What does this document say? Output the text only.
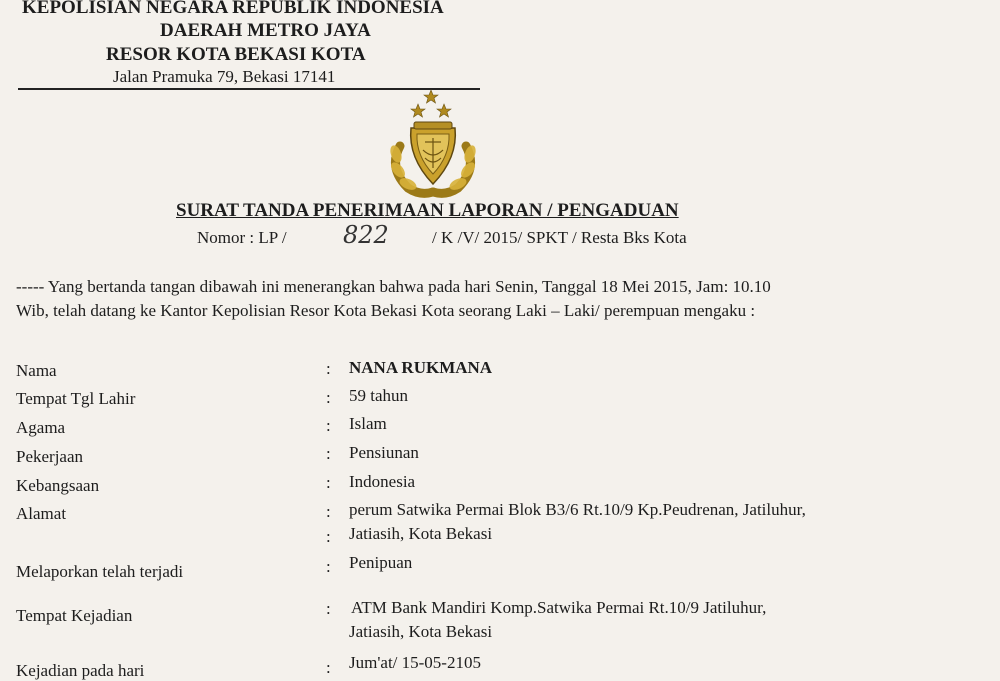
KEPOLISIAN NEGARA REPUBLIK INDONESIA
DAERAH METRO JAYA
RESOR KOTA BEKASI KOTA
Jalan Pramuka 79, Bekasi 17141
SURAT TANDA PENERIMAAN LAPORAN / PENGADUAN
Nomor : LP / 822	/ K /V/ 2015/ SPKT / Resta Bks Kota
----- Yang bertanda tangan dibawah ini menerangkan bahwa pada hari Senin, Tanggal 18 Mei 2015, Jam: 10.10
Wib, telah datang ke Kantor Kepolisian Resor Kota Bekasi Kota seorang Laki – Laki/ perempuan mengaku :
Nama	: NANA RUKMANA
Tempat Tgl Lahir	: 59 tahun
Agama	: Islam
Pekerjaan	: Pensiunan
Kebangsaan	: Indonesia
Alamat	: perum Satwika Permai Blok B3/6 Rt.10/9 Kp.Peudrenan, Jatiluhur,
: Jatiasih, Kota Bekasi
Melaporkan telah terjadi	: Penipuan
Tempat Kejadian	: ATM Bank Mandiri Komp.Satwika Permai Rt.10/9 Jatiluhur,
Jatiasih, Kota Bekasi
Kejadian pada hari	: Jum'at/ 15-05-2105
